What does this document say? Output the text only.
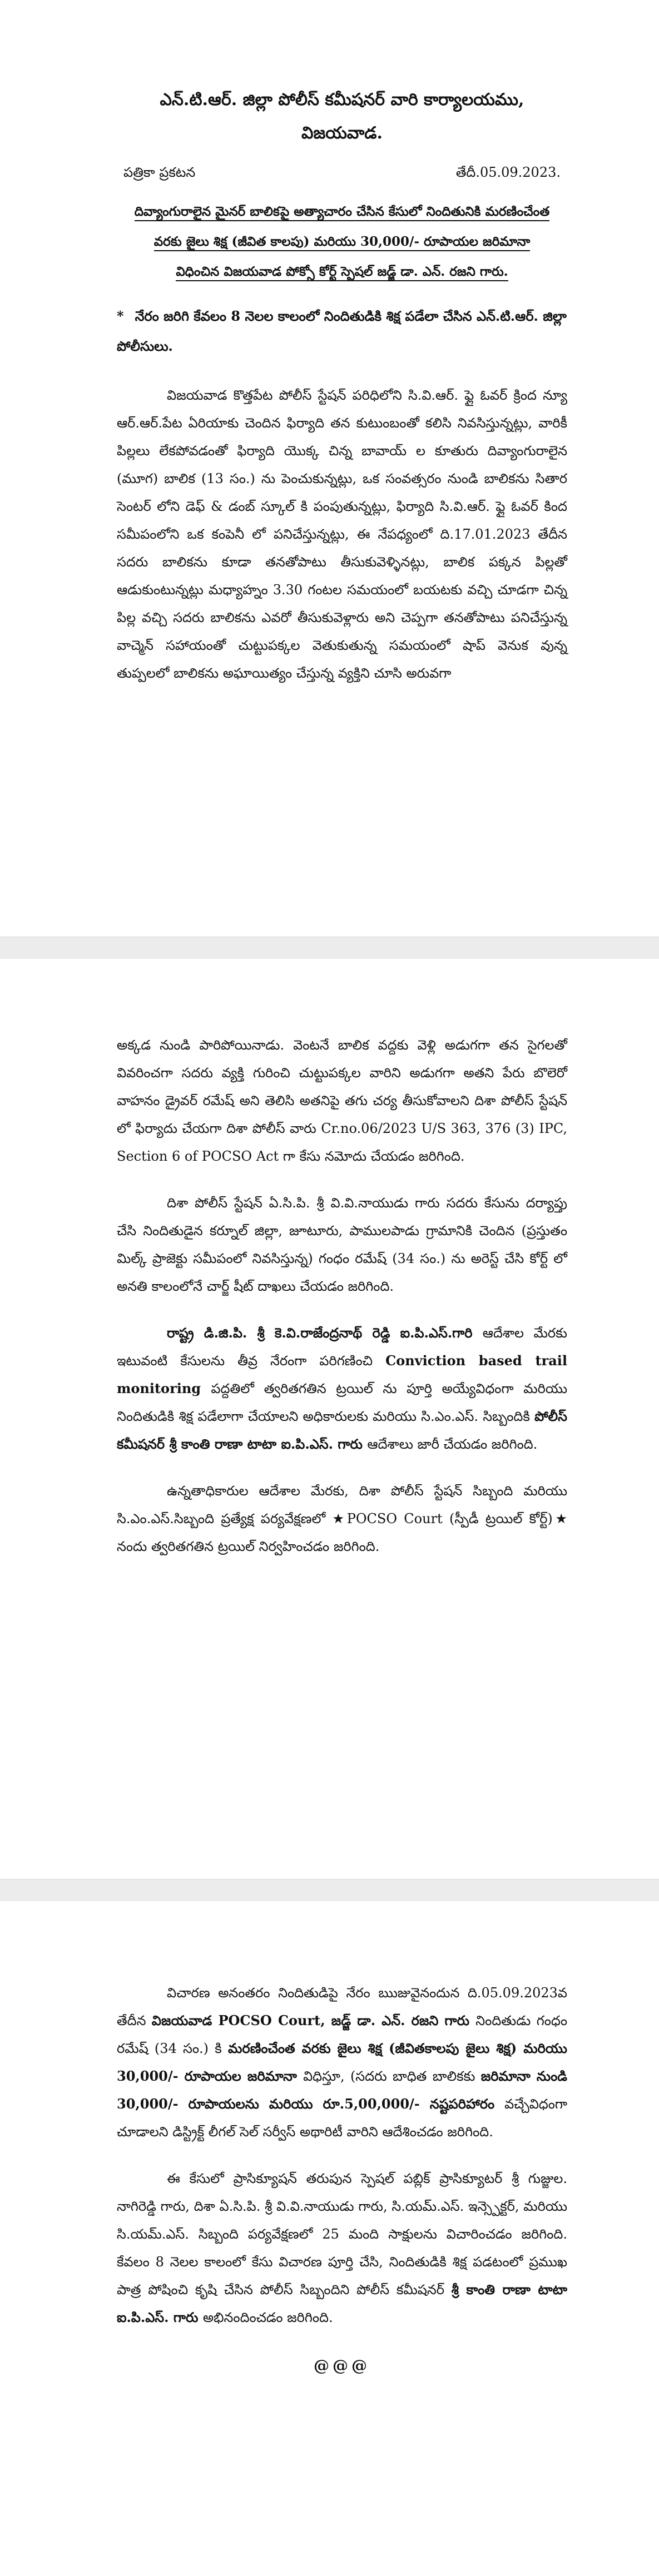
ఎన్.టి.ఆర్. జిల్లా పోలీస్ కమీషనర్ వారి కార్యాలయము,

విజయవాడ.

పత్రికా ప్రకటన	తేదీ.05.09.2023.
దివ్యాంగురాలైన మైనర్ బాలికపై అత్యాచారం చేసిన కేసులో నిందితునికి మరణించేంత
వరకు జైలు శిక్ష (జీవిత కాలపు) మరియు 30,000/- రూపాయల జరిమానా
విధించిన విజయవాడ పోక్సో కోర్ట్ స్పెషల్ జడ్జ్ డా. ఎన్. రజని గారు.
* నేరం జరిగి కేవలం 8 నెలల కాలంలో నిందితుడికి శిక్ష పడేలా చేసిన ఎన్.టి.ఆర్. జిల్లా పోలీసులు.

విజయవాడ కొత్తపేట పోలీస్ స్టేషన్ పరిధిలోని సి.వి.ఆర్. ఫ్లై ఓవర్ క్రింద న్యూ ఆర్.ఆర్.పేట ఏరియాకు చెందిన ఫిర్యాది తన కుటుంబంతో కలిసి నివసిస్తున్నట్లు, వారికీ పిల్లలు లేకపోవడంతో ఫిర్యాది యొక్క చిన్న బావాయ్ ల కూతురు దివ్యాంగురాలైన (మూగ) బాలిక (13 సం.) ను పెంచుకున్నట్లు, ఒక సంవత్సరం నుండి బాలికను సితార సెంటర్ లోని డెఫ్ & డంబ్ స్కూల్ కి పంపుతున్నట్లు, ఫిర్యాది సి.వి.ఆర్. ఫ్లై ఓవర్ కింద సమీపంలోని ఒక కంపెనీ లో పనిచేస్తున్నట్లు, ఈ నేపధ్యంలో ది.17.01.2023 తేదీన సదరు బాలికను కూడా తనతోపాటు తీసుకువెళ్ళినట్లు, బాలిక పక్కన పిల్లతో ఆడుకుంటున్నట్లు మధ్యాహ్నం 3.30 గంటల సమయంలో బయటకు వచ్చి చూడగా చిన్న పిల్ల వచ్చి సదరు బాలికను ఎవరో తీసుకువెళ్లారు అని చెప్పగా తనతోపాటు పనిచేస్తున్న వాచ్మెన్ సహాయంతో చుట్టుపక్కల వెతుకుతున్న సమయంలో షాప్ వెనుక వున్న తుప్పలలో బాలికను అఘాయిత్యం చేస్తున్న వ్యక్తిని చూసి అరువగా

అక్కడ నుండి పారిపోయినాడు. వెంటనే బాలిక వద్దకు వెళ్లి అడుగగా తన సైగలతో వివరించగా సదరు వ్యక్తి గురించి చుట్టుపక్కల వారిని అడుగగా అతని పేరు బొలెరో వాహనం డ్రైవర్ రమేష్ అని తెలిసి అతనిపై తగు చర్య తీసుకోవాలని దిశా పోలీస్ స్టేషన్ లో ఫిర్యాదు చేయగా దిశా పోలీస్ వారు Cr.no.06/2023 U/S 363, 376 (3) IPC, Section 6 of POCSO Act గా కేసు నమోదు చేయడం జరిగింది.

దిశా పోలీస్ స్టేషన్ ఏ.సి.పి. శ్రీ వి.వి.నాయుడు గారు సదరు కేసును దర్యాప్తు చేసి నిందితుడైన కర్నూల్ జిల్లా, జూటూరు, పాములపాడు గ్రామానికి చెందిన (ప్రస్తుతం మిల్క్ ప్రాజెక్టు సమీపంలో నివసిస్తున్న) గంధం రమేష్ (34 సం.) ను అరెస్ట్ చేసి కోర్ట్ లో అనతి కాలంలోనే చార్జ్ షీట్ దాఖలు చేయడం జరిగింది.

రాష్ట్ర డి.జి.పి. శ్రీ కె.వి.రాజేంద్రనాథ్ రెడ్డి ఐ.పి.ఎస్.గారి ఆదేశాల మేరకు ఇటువంటి కేసులను తీవ్ర నేరంగా పరిగణించి Conviction based trail monitoring పద్దతిలో త్వరితగతిన ట్రయిల్ ను పూర్తి అయ్యేవిధంగా మరియు నిందితుడికి శిక్ష పడేలాగా చేయాలని అధికారులకు మరియు సి.ఎం.ఎస్. సిబ్బందికి పోలీస్ కమీషనర్ శ్రీ కాంతి రాణా టాటా ఐ.పి.ఎస్. గారు ఆదేశాలు జారీ చేయడం జరిగింది.

ఉన్నతాధికారుల ఆదేశాల మేరకు, దిశా పోలీస్ స్టేషన్ సిబ్బంది మరియు సి.ఎం.ఎస్.సిబ్బంది ప్రత్యేక్ష పర్యవేక్షణలో ★POCSO Court (స్పీడీ ట్రయిల్ కోర్ట్)★ నందు త్వరితగతిన ట్రయిల్ నిర్వహించడం జరిగింది.

విచారణ అనంతరం నిందితుడిపై నేరం ఋజువైనందున ది.05.09.2023వ తేదీన విజయవాడ POCSO Court, జడ్జ్ డా. ఎన్. రజని గారు నిందితుడు గంధం రమేష్ (34 సం.) కి మరణించేంత వరకు జైలు శిక్ష (జీవితకాలపు జైలు శిక్ష) మరియు 30,000/- రూపాయల జరిమానా విధిస్తూ, (సదరు బాధిత బాలికకు జరిమానా నుండి 30,000/- రూపాయలను మరియు రూ.5,00,000/- నష్టపరిహారం వచ్చేవిధంగా చూడాలని డిస్ట్రిక్ట్ లీగల్ సెల్ సర్వీస్ అథారిటీ వారిని ఆదేశించడం జరిగింది.

ఈ కేసులో ప్రాసిక్యూషన్ తరుపున స్పెషల్ పబ్లిక్ ప్రాసిక్యూటర్ శ్రీ గుజ్జుల. నాగిరెడ్డి గారు, దిశా ఏ.సి.పి. శ్రీ వి.వి.నాయుడు గారు, సి.యమ్.ఎస్. ఇన్స్పెక్టర్, మరియు సి.యమ్.ఎస్. సిబ్బంది పర్యవేక్షణలో 25 మంది సాక్షులను విచారించడం జరిగింది. కేవలం 8 నెలల కాలంలో కేసు విచారణ పూర్తి చేసి, నిందితుడికి శిక్ష పడటంలో ప్రముఖ పాత్ర పోషించి కృషి చేసిన పోలీస్ సిబ్బందిని పోలీస్ కమీషనర్ శ్రీ కాంతి రాణా టాటా ఐ.పి.ఎస్. గారు అభినందించడం జరిగింది.

@@@
